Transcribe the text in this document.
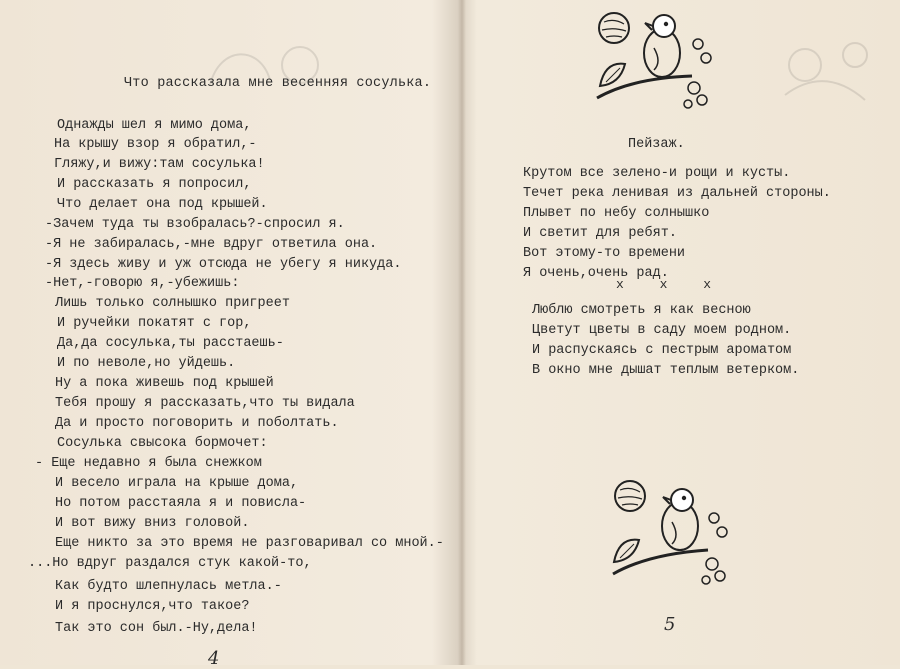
Что рассказала мне весенняя сосулька.
Однажды шел я мимо дома,
На крышу взор я обратил,-
Гляжу,и вижу:там сосулька!
И рассказать я попросил,
Что делает она под крышей.
-Зачем туда ты взобралась?-спросил я.
-Я не забиралась,-мне вдруг ответила она.
-Я здесь живу и уж отсюда не убегу я никуда.
-Нет,-говорю я,-убежишь:
Лишь только солнышко пригреет
И ручейки покатят с гор,
Да,да сосулька,ты расстаешь-
И по неволе,но уйдешь.
Ну а пока живешь под крышей
Тебя прошу я рассказать,что ты видала
Да и просто поговорить и поболтать.
Сосулька свысока бормочет:
- Еще недавно я была снежком
И весело играла на крыше дома,
Но потом расстаяла я и повисла-
И вот вижу вниз головой.
Еще никто за это время не разговаривал со мной.-
...Но вдруг раздался стук какой-то,
Как будто шлепнулась метла.-
И я проснулся,что такое?
Так это сон был.-Ну,дела!
4
Пейзаж.
Крутом все зелено-и рощи и кусты.
Течет река ленивая из дальней стороны.
Плывет по небу солнышко
И светит для ребят.
Вот этому-то времени
Я очень,очень рад.
x x x
Люблю смотреть я как весною
Цветут цветы в саду моем родном.
И распускаясь с пестрым ароматом
В окно мне дышат теплым ветерком.
5
